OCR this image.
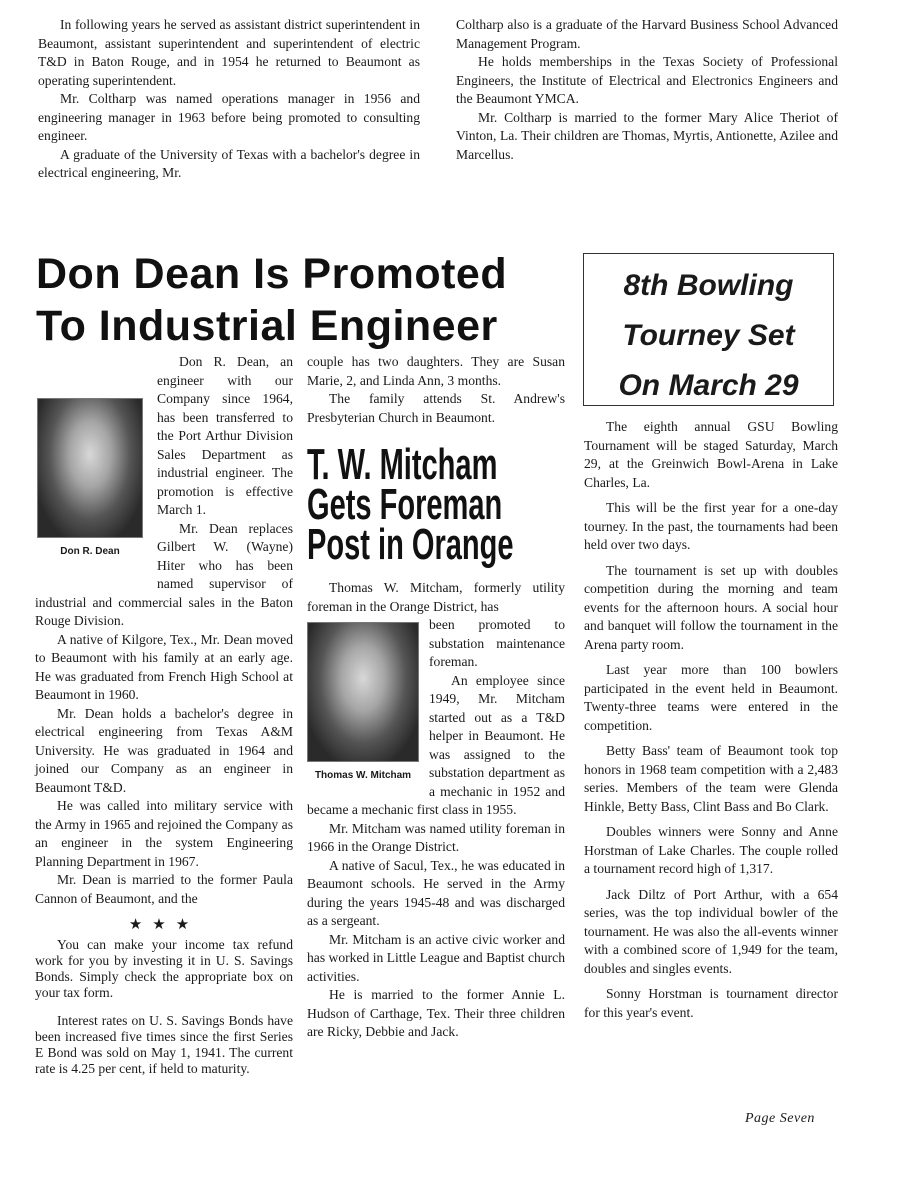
In following years he served as assistant district superintendent in Beaumont, assistant superintendent and superintendent of electric T&D in Baton Rouge, and in 1954 he returned to Beaumont as operating superintendent.

Mr. Coltharp was named operations manager in 1956 and engineering manager in 1963 before being promoted to consulting engineer.

A graduate of the University of Texas with a bachelor's degree in electrical engineering, Mr.

Coltharp also is a graduate of the Harvard Business School Advanced Management Program.

He holds memberships in the Texas Society of Professional Engineers, the Institute of Electrical and Electronics Engineers and the Beaumont YMCA.

Mr. Coltharp is married to the former Mary Alice Theriot of Vinton, La. Their children are Thomas, Myrtis, Antionette, Azilee and Marcellus.

Don Dean Is Promoted
To Industrial Engineer

Don R. Dean, an engineer with our Company since 1964, has been transferred to the Port Arthur Division Sales Department as industrial engineer. The promotion is effective March 1.

Mr. Dean replaces Gilbert W. (Wayne) Hiter who has been named supervisor of industrial and commercial sales in the Baton Rouge Division.

A native of Kilgore, Tex., Mr. Dean moved to Beaumont with his family at an early age. He was graduated from French High School at Beaumont in 1960.

Mr. Dean holds a bachelor's degree in electrical engineering from Texas A&M University. He was graduated in 1964 and joined our Company as an engineer in Beaumont T&D.

He was called into military service with the Army in 1965 and rejoined the Company as an engineer in the system Engineering Planning Department in 1967.

Mr. Dean is married to the former Paula Cannon of Beaumont, and the

★★★

You can make your income tax refund work for you by investing it in U. S. Savings Bonds. Simply check the appropriate box on your tax form.

Interest rates on U. S. Savings Bonds have been increased five times since the first Series E Bond was sold on May 1, 1941. The current rate is 4.25 per cent, if held to maturity.

Don R. Dean

couple has two daughters. They are Susan Marie, 2, and Linda Ann, 3 months.

The family attends St. Andrew's Presbyterian Church in Beaumont.

T. W. Mitcham
Gets Foreman
Post in Orange

Thomas W. Mitcham, formerly utility foreman in the Orange District, has

Thomas W. Mitcham

been promoted to substation maintenance foreman.

An employee since 1949, Mr. Mitcham started out as a T&D helper in Beaumont. He was assigned to the substation department as a mechanic in 1952 and became a mechanic first class in 1955.

Mr. Mitcham was named utility foreman in 1966 in the Orange District.

A native of Sacul, Tex., he was educated in Beaumont schools. He served in the Army during the years 1945-48 and was discharged as a sergeant.

Mr. Mitcham is an active civic worker and has worked in Little League and Baptist church activities.

He is married to the former Annie L. Hudson of Carthage, Tex. Their three children are Ricky, Debbie and Jack.

8th Bowling
Tourney Set
On March 29

The eighth annual GSU Bowling Tournament will be staged Saturday, March 29, at the Greinwich Bowl-Arena in Lake Charles, La.

This will be the first year for a one-day tourney. In the past, the tournaments had been held over two days.

The tournament is set up with doubles competition during the morning and team events for the afternoon hours. A social hour and banquet will follow the tournament in the Arena party room.

Last year more than 100 bowlers participated in the event held in Beaumont. Twenty-three teams were entered in the competition.

Betty Bass' team of Beaumont took top honors in 1968 team competition with a 2,483 series. Members of the team were Glenda Hinkle, Betty Bass, Clint Bass and Bo Clark.

Doubles winners were Sonny and Anne Horstman of Lake Charles. The couple rolled a tournament record high of 1,317.

Jack Diltz of Port Arthur, with a 654 series, was the top individual bowler of the tournament. He was also the all-events winner with a combined score of 1,949 for the team, doubles and singles events.

Sonny Horstman is tournament director for this year's event.

Page Seven
